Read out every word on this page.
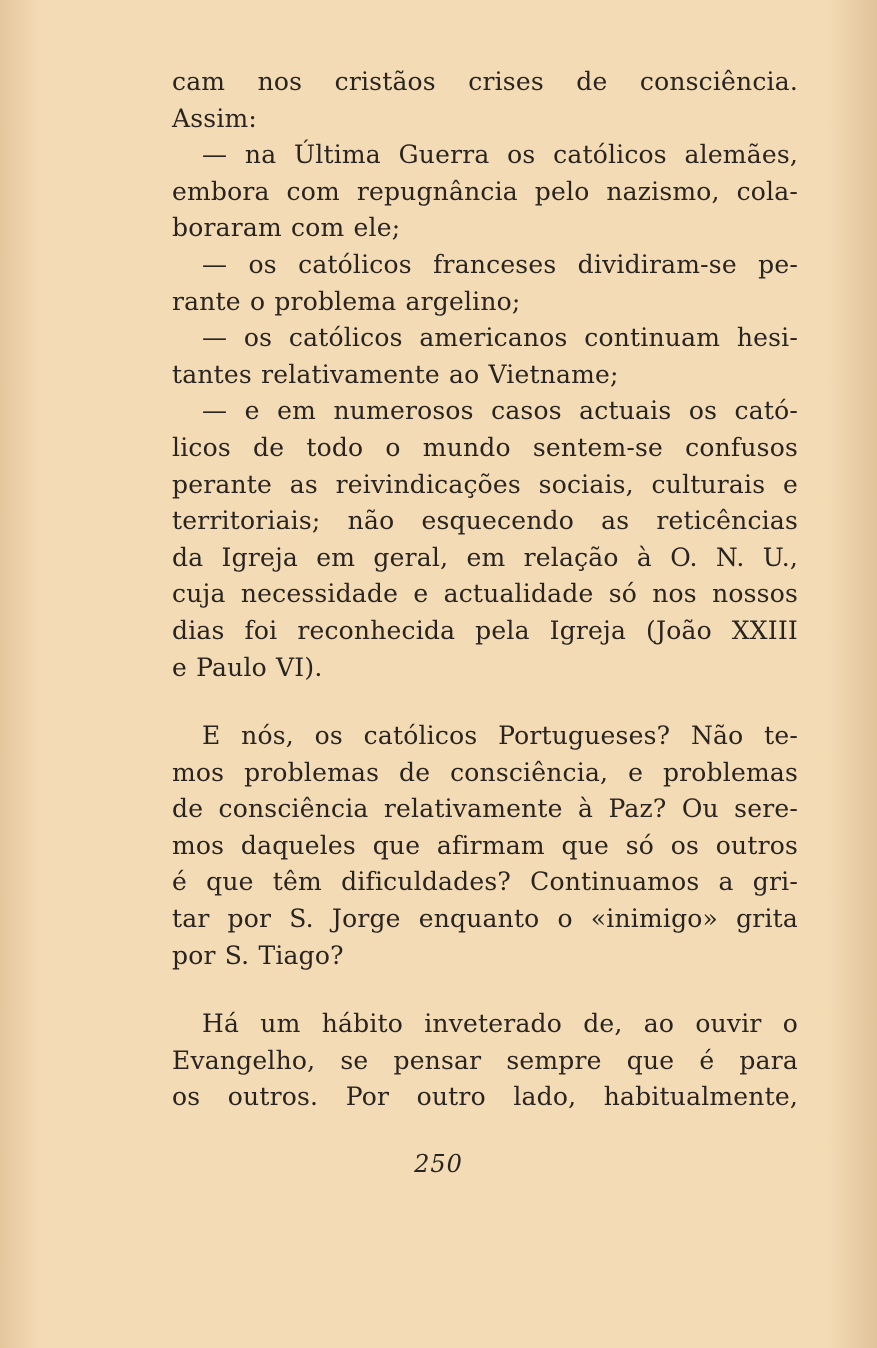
cam nos cristãos crises de consciência.
Assim:
— na Última Guerra os católicos alemães,
embora com repugnância pelo nazismo, cola-
boraram com ele;
— os católicos franceses dividiram-se pe-
rante o problema argelino;
— os católicos americanos continuam hesi-
tantes relativamente ao Vietname;
— e em numerosos casos actuais os cató-
licos de todo o mundo sentem-se confusos
perante as reivindicações sociais, culturais e
territoriais; não esquecendo as reticências
da Igreja em geral, em relação à O. N. U.,
cuja necessidade e actualidade só nos nossos
dias foi reconhecida pela Igreja (João XXIII
e Paulo VI).
E nós, os católicos Portugueses? Não te-
mos problemas de consciência, e problemas
de consciência relativamente à Paz? Ou sere-
mos daqueles que afirmam que só os outros
é que têm dificuldades? Continuamos a gri-
tar por S. Jorge enquanto o «inimigo» grita
por S. Tiago?
Há um hábito inveterado de, ao ouvir o
Evangelho, se pensar sempre que é para
os outros. Por outro lado, habitualmente,
250
